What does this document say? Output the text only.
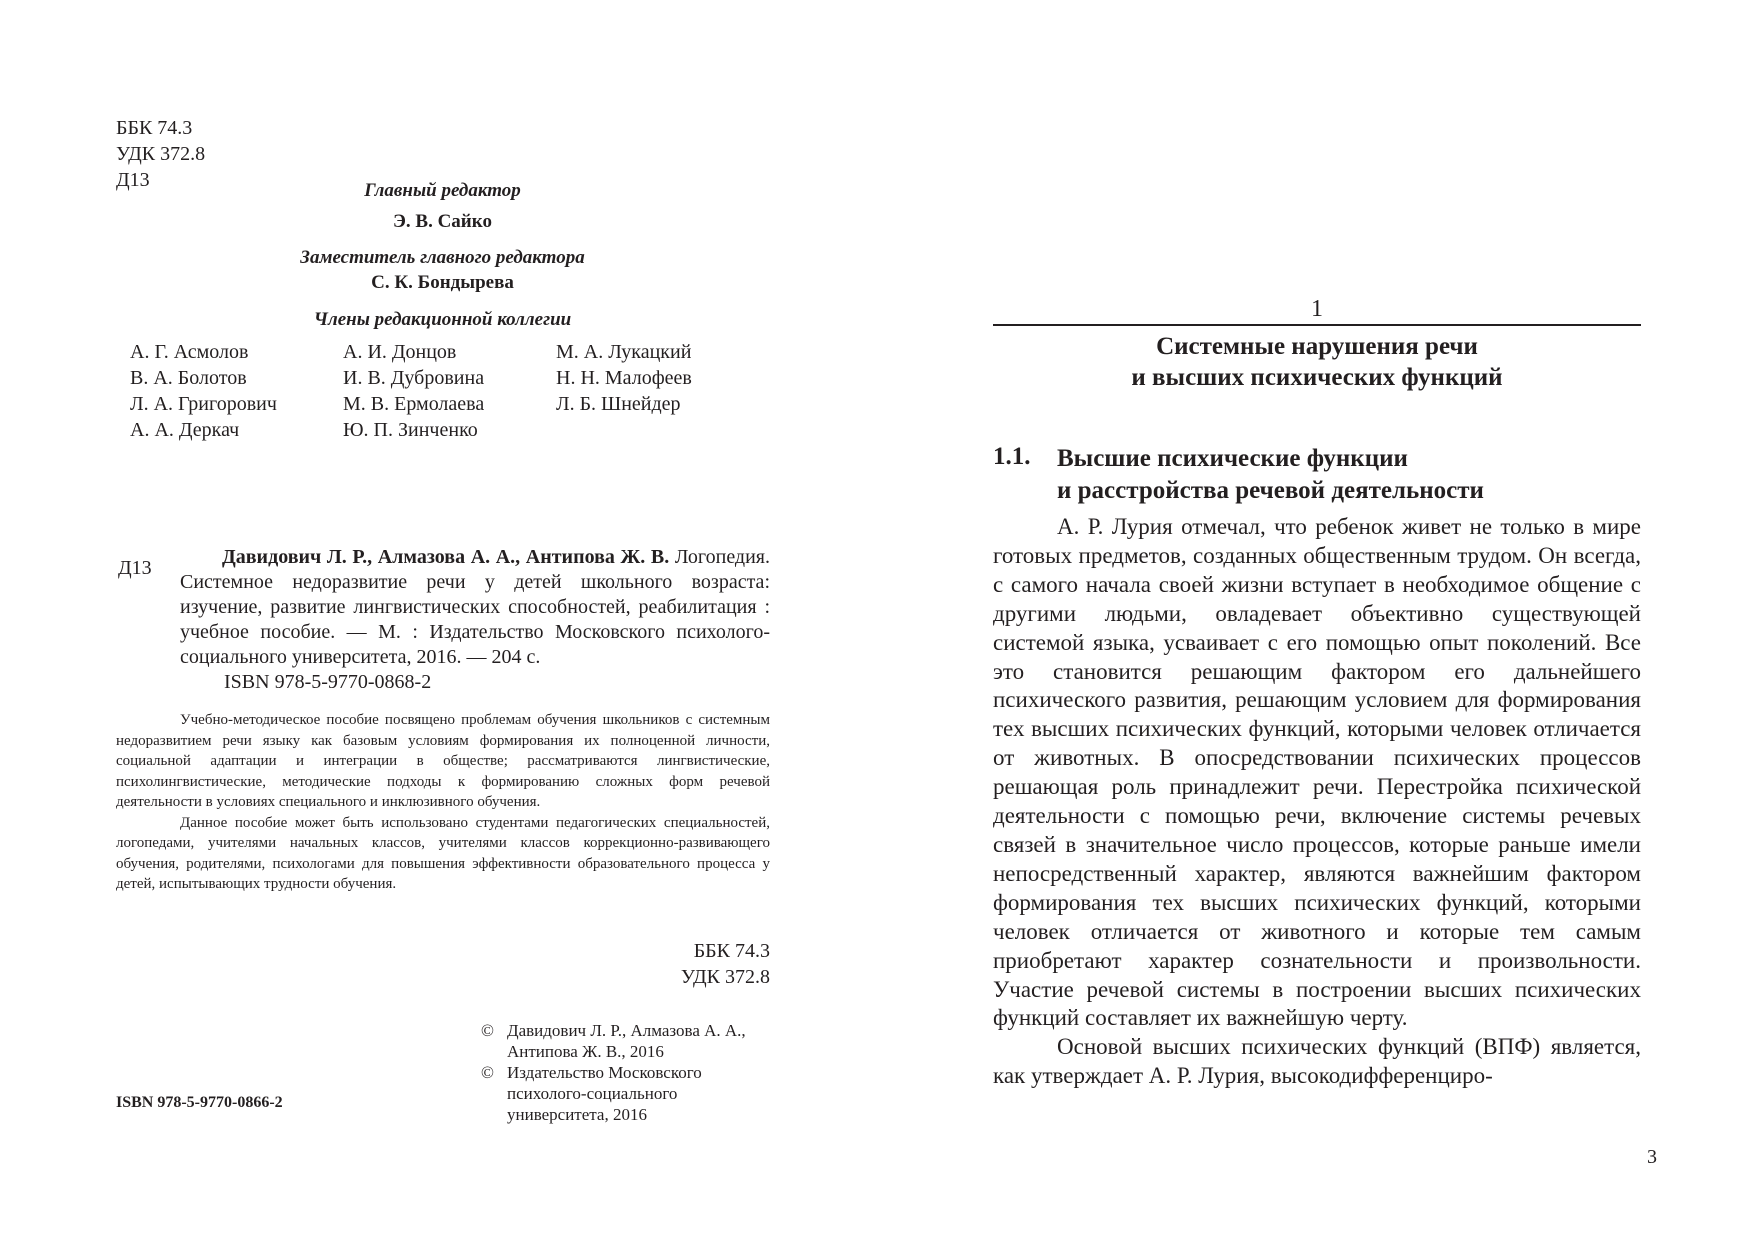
ББК 74.3
УДК 372.8
Д13	Главный редактор
Э. В. Сайко
Заместитель главного редактора
С. К. Бондырева
Члены редакционной коллегии
А. Г. Асмолов
В. А. Болотов
Л. А. Григорович
А. А. Деркач
А. И. Донцов
И. В. Дубровина
М. В. Ермолаева
Ю. П. Зинченко
М. А. Лукацкий
Н. Н. Малофеев
Л. Б. Шнейдер
Д13	Давидович Л. Р., Алмазова А. А., Антипова Ж. В. Логопедия. Системное недоразвитие речи у детей школьного возраста: изучение, развитие лингвистических способностей, реабилитация : учебное пособие. — М. : Издательство Московского психолого-социального университета, 2016. — 204 с.
ISBN 978-5-9770-0868-2

Учебно-методическое пособие посвящено проблемам обучения школьников с системным недоразвитием речи языку как базовым условиям формирования их полноценной личности, социальной адаптации и интеграции в обществе; рассматриваются лингвистические, психолингвистические, методические подходы к формированию сложных форм речевой деятельности в условиях специального и инклюзивного обучения.

Данное пособие может быть использовано студентами педагогических специальностей, логопедами, учителями начальных классов, учителями классов коррекционно-развивающего обучения, родителями, психологами для повышения эффективности образовательного процесса у детей, испытывающих трудности обучения.

ББК 74.3
УДК 372.8
© Давидович Л. Р., Алмазова А. А., Антипова Ж. В., 2016
© Издательство Московского психолого-социального университета, 2016
ISBN 978-5-9770-0866-2
1
Системные нарушения речи
и высших психических функций
1.1. Высшие психические функции
и расстройства речевой деятельности

А. Р. Лурия отмечал, что ребенок живет не только в мире готовых предметов, созданных общественным трудом. Он всегда, с самого начала своей жизни вступает в необходимое общение с другими людьми, овладевает объективно существующей системой языка, усваивает с его помощью опыт поколений. Все это становится решающим фактором его дальнейшего психического развития, решающим условием для формирования тех высших психических функций, которыми человек отличается от животных. В опосредствовании психических процессов решающая роль принадлежит речи. Перестройка психической деятельности с помощью речи, включение системы речевых связей в значительное число процессов, которые раньше имели непосредственный характер, являются важнейшим фактором формирования тех высших психических функций, которыми человек отличается от животного и которые тем самым приобретают характер сознательности и произвольности. Участие речевой системы в построении высших психических функций составляет их важнейшую черту.

Основой высших психических функций (ВПФ) является, как утверждает А. Р. Лурия, высокодифференциро-

3
